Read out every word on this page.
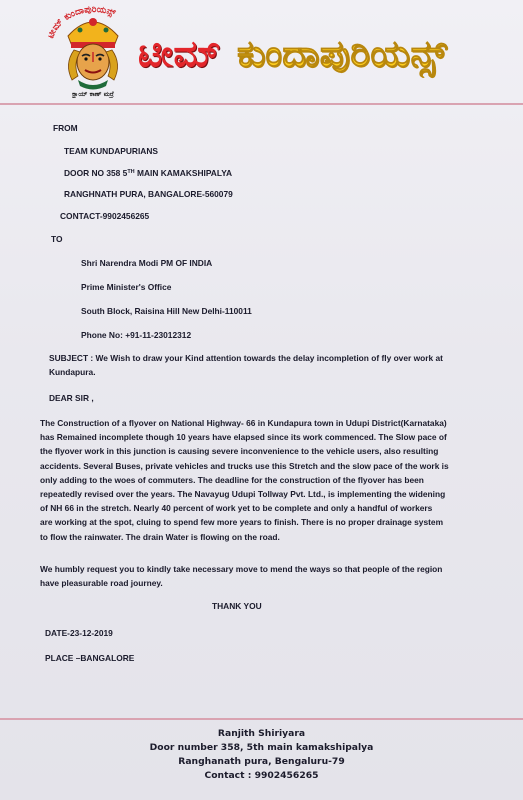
ಟೀಮ್ ಕುಂದಾಪುರಿಯನ್ಸ್
ಕ್ಷಾಯ್ ಕಾಣ್ ಮರ್‍ರೆ
ಟೀಮ್ ಕುಂದಾಪುರಿಯನ್ಸ್
FROM
TEAM KUNDAPURIANS
DOOR NO 358 5TH MAIN KAMAKSHIPALYA
RANGHNATH PURA, BANGALORE-560079
CONTACT-9902456265
TO
Shri Narendra Modi PM OF INDIA
Prime Minister's Office
South Block, Raisina Hill New Delhi-110011
Phone No: +91-11-23012312
SUBJECT : We Wish to draw your Kind attention towards the delay incompletion of fly over work at
Kundapura.
DEAR SIR ,
The Construction of a flyover on National Highway- 66 in Kundapura town in Udupi District(Karnataka)
has Remained incomplete though 10 years have elapsed since its work commenced. The Slow pace of
the flyover work in this junction is causing severe inconvenience to the vehicle users, also resulting
accidents. Several Buses, private vehicles and trucks use this Stretch and the slow pace of the work is
only adding to the woes of commuters. The deadline for the construction of the flyover has been
repeatedly revised over the years. The Navayug Udupi Tollway Pvt. Ltd., is implementing the widening
of NH 66 in the stretch. Nearly 40 percent of work yet to be complete and only a handful of workers
are working at the spot, cluing to spend few more years to finish. There is no proper drainage system
to flow the rainwater. The drain Water is flowing on the road.
We humbly request you to kindly take necessary move to mend the ways so that people of the region
have pleasurable road journey.
THANK YOU
DATE-23-12-2019
PLACE –BANGALORE
Ranjith Shiriyara
Door number 358, 5th main kamakshipalya
Ranghanath pura, Bengaluru-79
Contact : 9902456265
